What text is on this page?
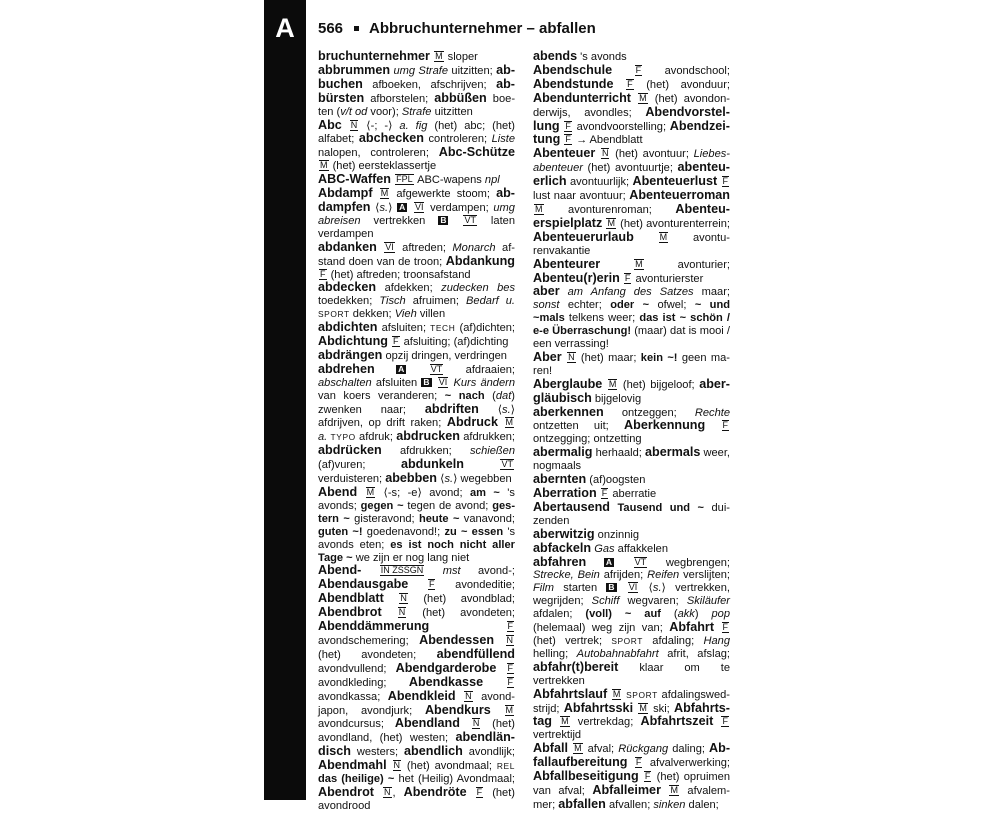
A	566 Abbruchunternehmer – abfallen

bruchunternehmer M sloper

abbrummen umg Strafe uitzitten; abbuchen afboeken, afschrijven; abbürsten afborstelen; abbüßen boeten (v/t od voor); Strafe uitzitten

Abc N ⟨-; -⟩ a. fig (het) abc; (het) alfabet; abchecken controleren; Liste nalopen, controleren; Abc-Schütze M (het) eersteklassertje

ABC-Waffen FPL ABC-wapens npl

Abdampf M afgewerkte stoom; abdampfen ⟨s.⟩ A VI verdampen; umg abreisen vertrekken B VT laten verdampen

abdanken VI aftreden; Monarch afstand doen van de troon; Abdankung F (het) aftreden; troonsafstand

abdecken afdekken; zudecken bes toedekken; Tisch afruimen; Bedarf u. SPORT dekken; Vieh villen

abdichten afsluiten; TECH (af)dichten; Abdichtung F afsluiting; (af)dichting

abdrängen opzij dringen, verdringen

abdrehen	A	VT afdraaien; abschalten afsluiten B VI Kurs ändern van koers veranderen; ~ nach (dat) zwenken naar; abdriften ⟨s.⟩ afdrijven, op drift raken; Abdruck M a. TYPO afdruk; abdrucken afdrukken; abdrücken afdrukken; schießen (af)vuren; abdunkeln	VT verduisteren; abebben ⟨s.⟩ wegebben

Abend M ⟨-s; -e⟩ avond; am ~ 's avonds; gegen ~ tegen de avond; gestern ~ gisteravond; heute ~ vanavond; guten ~! goedenavond!; zu ~ essen 's avonds eten; es ist noch nicht aller Tage ~ we zijn er nog lang niet

Abend- IN ZSSGN mst avond-; Abendausgabe F avondeditie; Abendblatt N (het) avondblad; Abendbrot N (het) avondeten; Abenddämmerung	F avondschemering; Abendessen N (het) avondeten; abendfüllend avondvullend; Abendgarderobe F avondkleding; Abendkasse	F avondkassa; Abendkleid N avondjapon, avondjurk; Abendkurs M avondcursus; Abendland N (het) avondland, (het) westen; abendländisch westers; abendlich avondlijk; Abendmahl N (het) avondmaal; REL das (heilige) ~ het (Heilig) Avondmaal; Abendrot N , Abendröte F (het) avondrood

abends 's avonds

Abendschule	F avondschool; Abendstunde F (het) avonduur; Abendunterricht M (het) avondonderwijs, avondles; Abendvorstellung F avondvoorstelling; Abendzeitung F → Abendblatt

Abenteuer N (het) avontuur; Liebesabenteuer (het) avontuurtje; abenteuerlich avontuurlijk; Abenteuerlust F lust naar avontuur; Abenteuerroman M avonturenroman; Abenteuerspielplatz M (het) avonturenterrein; Abenteuerurlaub	M avonturenvakantie

Abenteurer	M avonturier; Abenteu(r)erin F avonturierster

aber am Anfang des Satzes maar; sonst echter; oder ~ ofwel; ~ und ~mals telkens weer; das ist ~ schön / e-e Überraschung! (maar) dat is mooi / een verrassing!

Aber N (het) maar; kein ~! geen maren!

Aberglaube M (het) bijgeloof; abergläubisch bijgelovig

aberkennen ontzeggen; Rechte ontzetten uit; Aberkennung F ontzegging; ontzetting

abermalig herhaald; abermals weer, nogmaals

abernten (af)oogsten

Aberration F aberratie

Abertausend Tausend und ~ duizenden

aberwitzig onzinnig

abfackeln Gas affakkelen

abfahren A	VT wegbrengen; Strecke, Bein afrijden; Reifen verslijten; Film starten B VI ⟨s.⟩ vertrekken, wegrijden; Schiff wegvaren; Skiläufer afdalen; (voll) ~ auf (akk) pop (helemaal) weg zijn van; Abfahrt F (het) vertrek; SPORT afdaling; Hang helling; Autobahnabfahrt afrit, afslag; abfahr(t)bereit klaar om te vertrekken

Abfahrtslauf M SPORT afdalingswedstrijd; Abfahrtsski M ski; Abfahrtstag M vertrekdag; Abfahrtszeit F vertrektijd

Abfall M afval; Rückgang daling; Abfallaufbereitung F afvalverwerking; Abfallbeseitigung F (het) opruimen van afval; Abfalleimer M afvalemmer; abfallen afvallen; sinken dalen;
